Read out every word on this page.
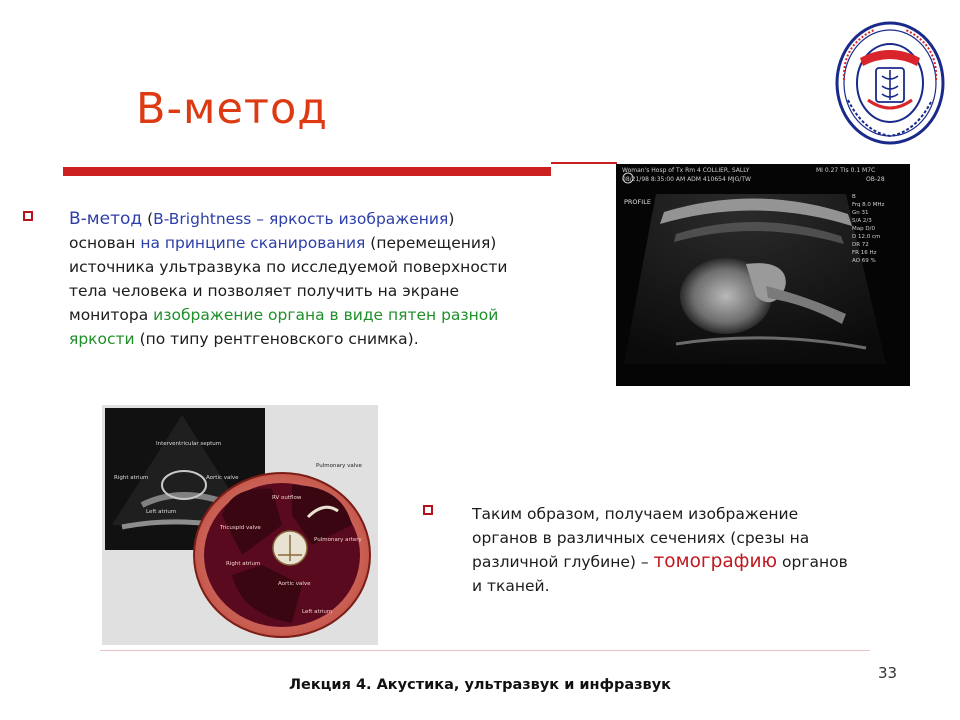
В-метод
В-метод (B-Brightness – яркость изображения)
основан на принципе сканирования (перемещения)
источника ультразвука по исследуемой поверхности
тела человека и позволяет получить на экране
монитора изображение органа в виде пятен разной
яркости (по типу рентгеновского снимка).
Woman's Hosp of Tx Rm 4 COLLIER, SALLY
08/21/98 8:35:00 AM ADM 410654 MJG/TW
MI 0.27 TIs 0.1 M7C
OB-28
PROFILE
B
Frq 8.0 MHz
Gn 31
S/A 2/3
Map D/0
D 12.0 cm
DR 72
FR 16 Hz
AO 69 %
Interventricular septum
Right atrium	Aortic valve
Left atrium
Pulmonary valve
RV outflow
Tricuspid valve
Pulmonary artery
Right atrium
Aortic valve
Left atrium
Таким образом, получаем изображение
органов в различных сечениях (срезы на
различной глубине) – томографию органов
и тканей.
33
Лекция 4. Акустика, ультразвук и инфразвук
